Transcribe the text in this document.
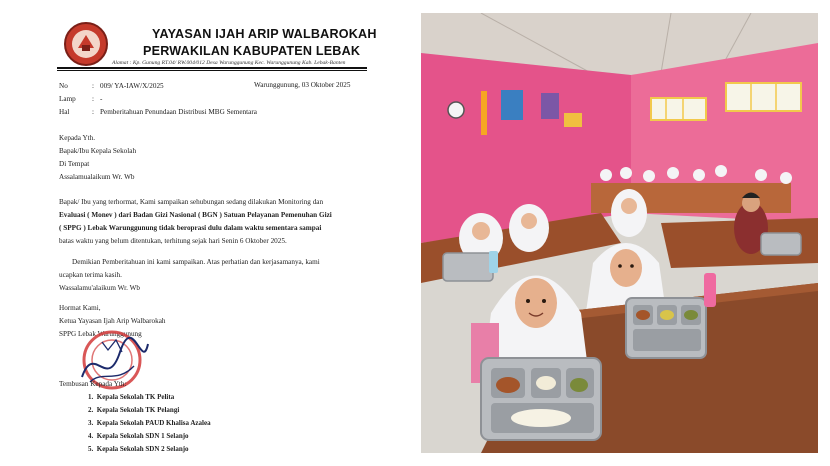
YAYASAN IJAH ARIP WALBAROKAH
PERWAKILAN KABUPATEN LEBAK
Alamat : Kp. Gunung RT.04/ RW.004/012 Desa Warunggunung Kec. Warunggunung Kab. Lebak-Banten
Warunggunung, 03 Oktober 2025
No	: 009/ YA-IAW/X/2025
Lamp : -
Hal	: Pemberitahuan Penundaan Distribusi MBG Sementara
Kepada Yth.
Bapak/Ibu Kepala Sekolah
Di Tempat
Assalamualaikum Wr. Wb
Bapak/ Ibu yang terhormat, Kami sampaikan sehubungan sedang dilakukan Monitoring dan
Evaluasi ( Monev ) dari Badan Gizi Nasional ( BGN ) Satuan Pelayanan Pemenuhan Gizi
( SPPG ) Lebak Warunggunung tidak beroprasi dulu dalam waktu sementara sampai
batas waktu yang belum ditentukan, terhitung sejak hari Senin 6 Oktober 2025.
Demikian Pemberitahuan ini kami sampaikan. Atas perhatian dan kerjasamanya, kami
ucapkan terima kasih.
Wassalamu'alaikum Wr. Wb
Hormat Kami,
Ketua Yayasan Ijah Arip Walbarokah
SPPG Lebak Warunggunung
Tembusan Kepada Yth:
1.  Kepala Sekolah TK Pelita
2.  Kepala Sekolah TK Pelangi
3.  Kepala Sekolah PAUD Khalisa Azalea
4.  Kepala Sekolah SDN 1 Selanjo
5.  Kepala Sekolah SDN 2 Selanjo
